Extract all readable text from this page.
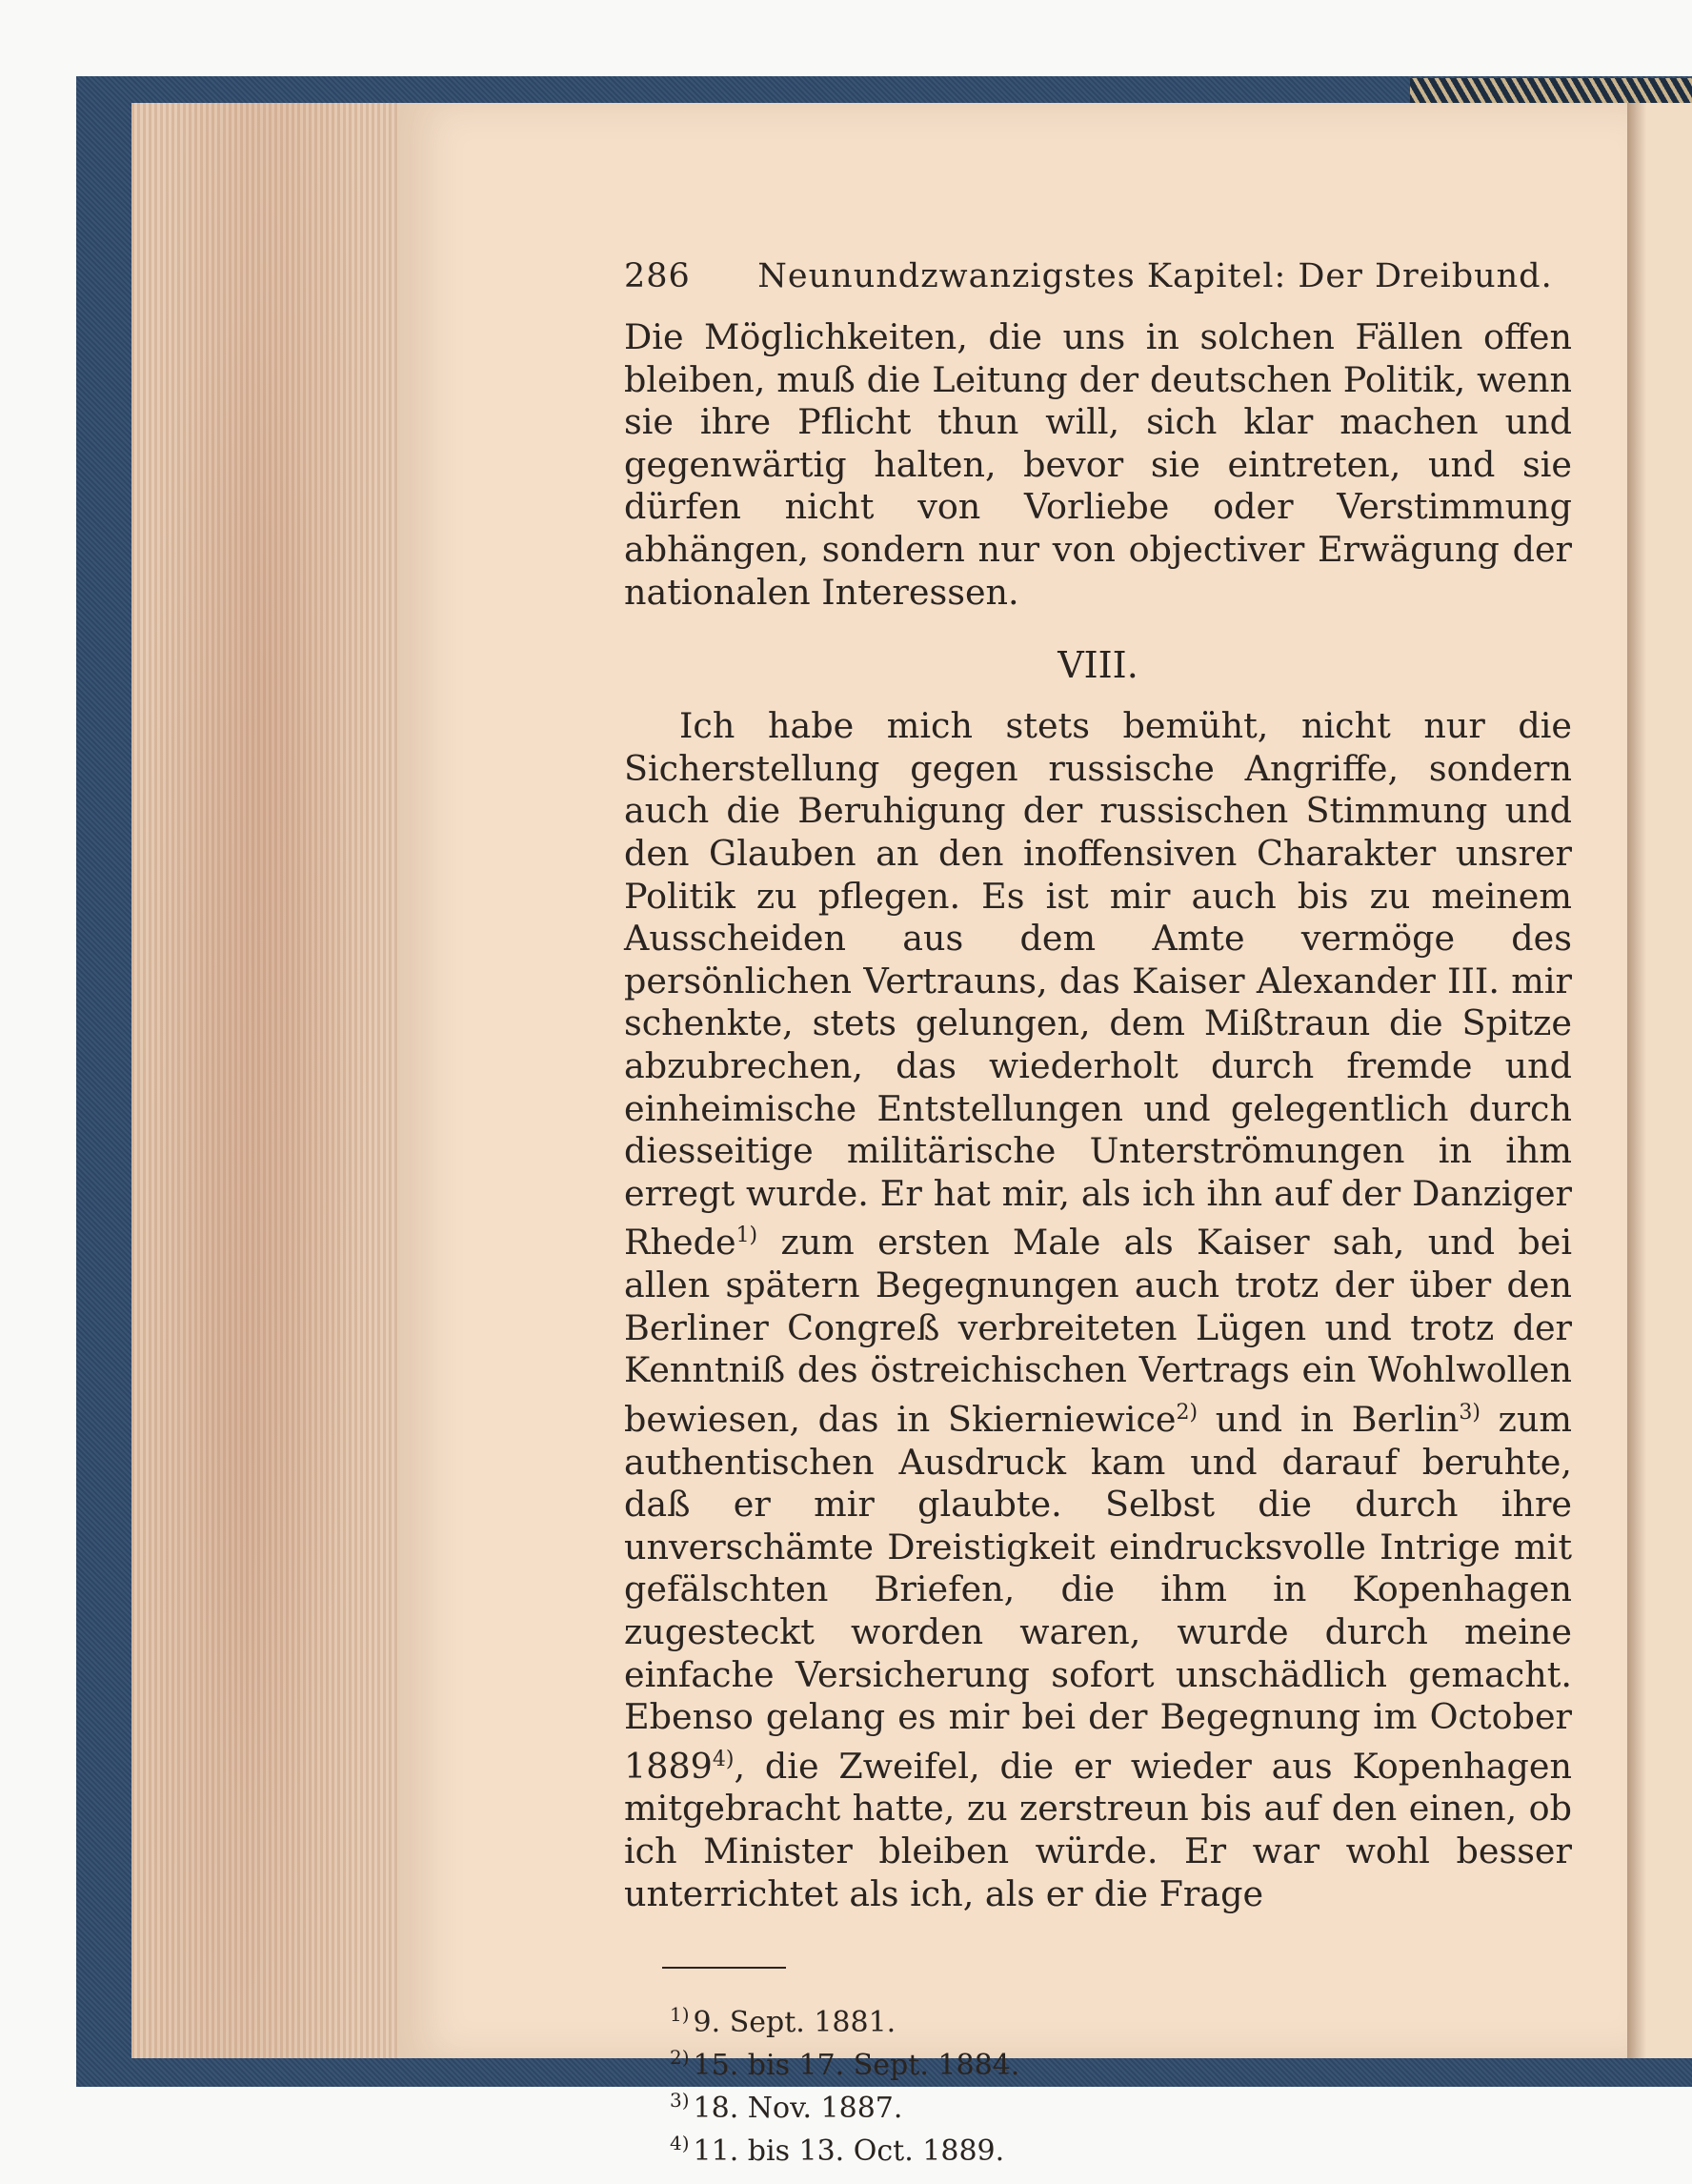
286	Neunundzwanzigstes Kapitel: Der Dreibund.

Die Möglichkeiten, die uns in solchen Fällen offen bleiben, muß die Leitung der deutschen Politik, wenn sie ihre Pflicht thun will, sich klar machen und gegenwärtig halten, bevor sie eintreten, und sie dürfen nicht von Vorliebe oder Verstimmung abhängen, sondern nur von objectiver Erwägung der nationalen Interessen.

VIII.

Ich habe mich stets bemüht, nicht nur die Sicherstellung gegen russische Angriffe, sondern auch die Beruhigung der russischen Stimmung und den Glauben an den inoffensiven Charakter unsrer Politik zu pflegen. Es ist mir auch bis zu meinem Ausscheiden aus dem Amte vermöge des persönlichen Vertrauns, das Kaiser Alexander III. mir schenkte, stets gelungen, dem Mißtraun die Spitze abzubrechen, das wiederholt durch fremde und einheimische Entstellungen und gelegentlich durch diesseitige militärische Unterströmungen in ihm erregt wurde. Er hat mir, als ich ihn auf der Danziger Rhede$^{1)}$ zum ersten Male als Kaiser sah, und bei allen spätern Begegnungen auch trotz der über den Berliner Congreß verbreiteten Lügen und trotz der Kenntniß des östreichischen Vertrags ein Wohlwollen bewiesen, das in Skierniewice$^{2)}$ und in Berlin$^{3)}$ zum authentischen Ausdruck kam und darauf beruhte, daß er mir glaubte. Selbst die durch ihre unverschämte Dreistigkeit eindrucksvolle Intrige mit gefälschten Briefen, die ihm in Kopenhagen zugesteckt worden waren, wurde durch meine einfache Versicherung sofort unschädlich gemacht. Ebenso gelang es mir bei der Begegnung im October 1889$^{4)}$, die Zweifel, die er wieder aus Kopenhagen mitgebracht hatte, zu zerstreun bis auf den einen, ob ich Minister bleiben würde. Er war wohl besser unterrichtet als ich, als er die Frage

$^{1)}$ 9. Sept. 1881.
$^{2)}$ 15. bis 17. Sept. 1884.
$^{3)}$ 18. Nov. 1887.
$^{4)}$ 11. bis 13. Oct. 1889.
